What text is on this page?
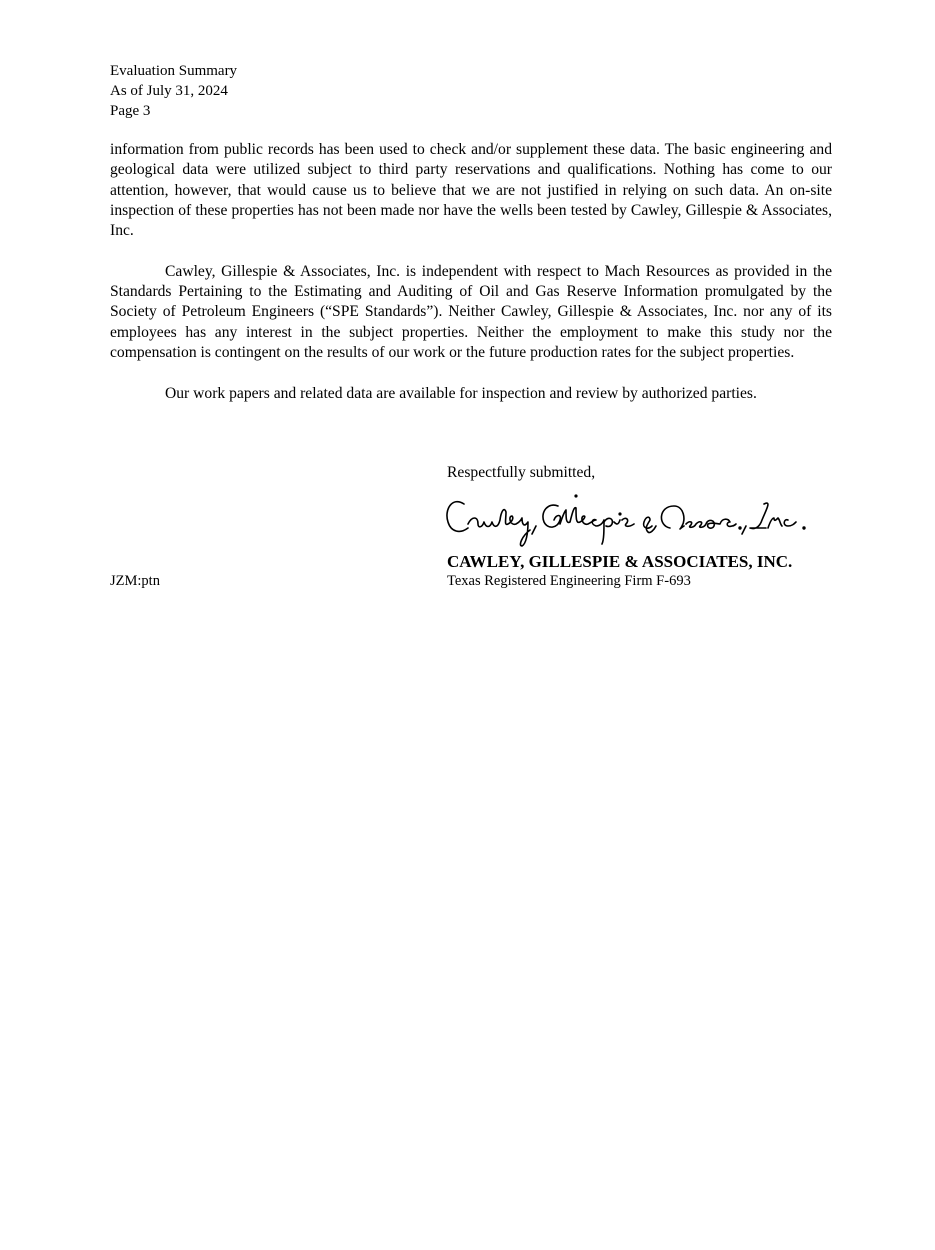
Evaluation Summary
As of July 31, 2024
Page 3

information from public records has been used to check and/or supplement these data. The basic engineering and geological data were utilized subject to third party reservations and qualifications. Nothing has come to our attention, however, that would cause us to believe that we are not justified in relying on such data. An on-site inspection of these properties has not been made nor have the wells been tested by Cawley, Gillespie & Associates, Inc.

Cawley, Gillespie & Associates, Inc. is independent with respect to Mach Resources as provided in the Standards Pertaining to the Estimating and Auditing of Oil and Gas Reserve Information promulgated by the Society of Petroleum Engineers (“SPE Standards”). Neither Cawley, Gillespie & Associates, Inc. nor any of its employees has any interest in the subject properties. Neither the employment to make this study nor the compensation is contingent on the results of our work or the future production rates for the subject properties.

Our work papers and related data are available for inspection and review by authorized parties.

Respectfully submitted,
CAWLEY, GILLESPIE & ASSOCIATES, INC.
Texas Registered Engineering Firm F-693
JZM:ptn
